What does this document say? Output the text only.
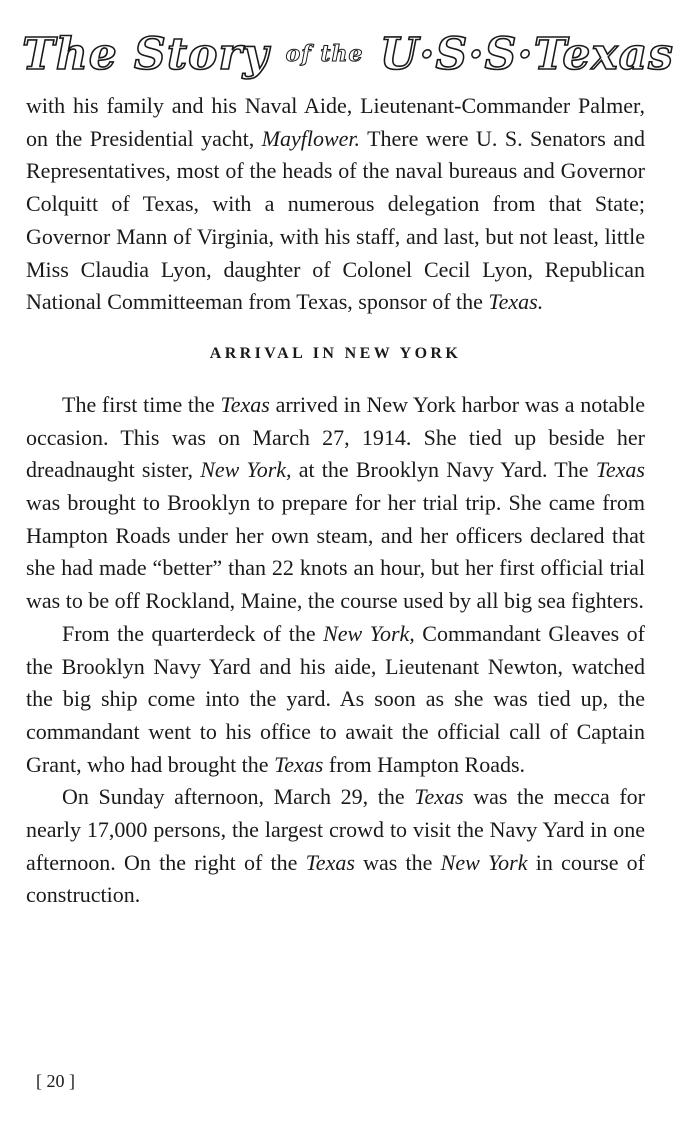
The Story of the U·S·S·Texas

with his family and his Naval Aide, Lieutenant-Commander Palmer, on the Presidential yacht, Mayflower. There were U. S. Senators and Representatives, most of the heads of the naval bureaus and Governor Colquitt of Texas, with a numerous delegation from that State; Governor Mann of Virginia, with his staff, and last, but not least, little Miss Claudia Lyon, daughter of Colonel Cecil Lyon, Republican National Committeeman from Texas, sponsor of the Texas.

ARRIVAL IN NEW YORK

The first time the Texas arrived in New York harbor was a notable occasion. This was on March 27, 1914. She tied up beside her dreadnaught sister, New York, at the Brooklyn Navy Yard. The Texas was brought to Brooklyn to prepare for her trial trip. She came from Hampton Roads under her own steam, and her officers declared that she had made “better” than 22 knots an hour, but her first official trial was to be off Rockland, Maine, the course used by all big sea fighters.

From the quarterdeck of the New York, Commandant Gleaves of the Brooklyn Navy Yard and his aide, Lieutenant Newton, watched the big ship come into the yard. As soon as she was tied up, the commandant went to his office to await the official call of Captain Grant, who had brought the Texas from Hampton Roads.

On Sunday afternoon, March 29, the Texas was the mecca for nearly 17,000 persons, the largest crowd to visit the Navy Yard in one afternoon. On the right of the Texas was the New York in course of construction.

[ 20 ]
